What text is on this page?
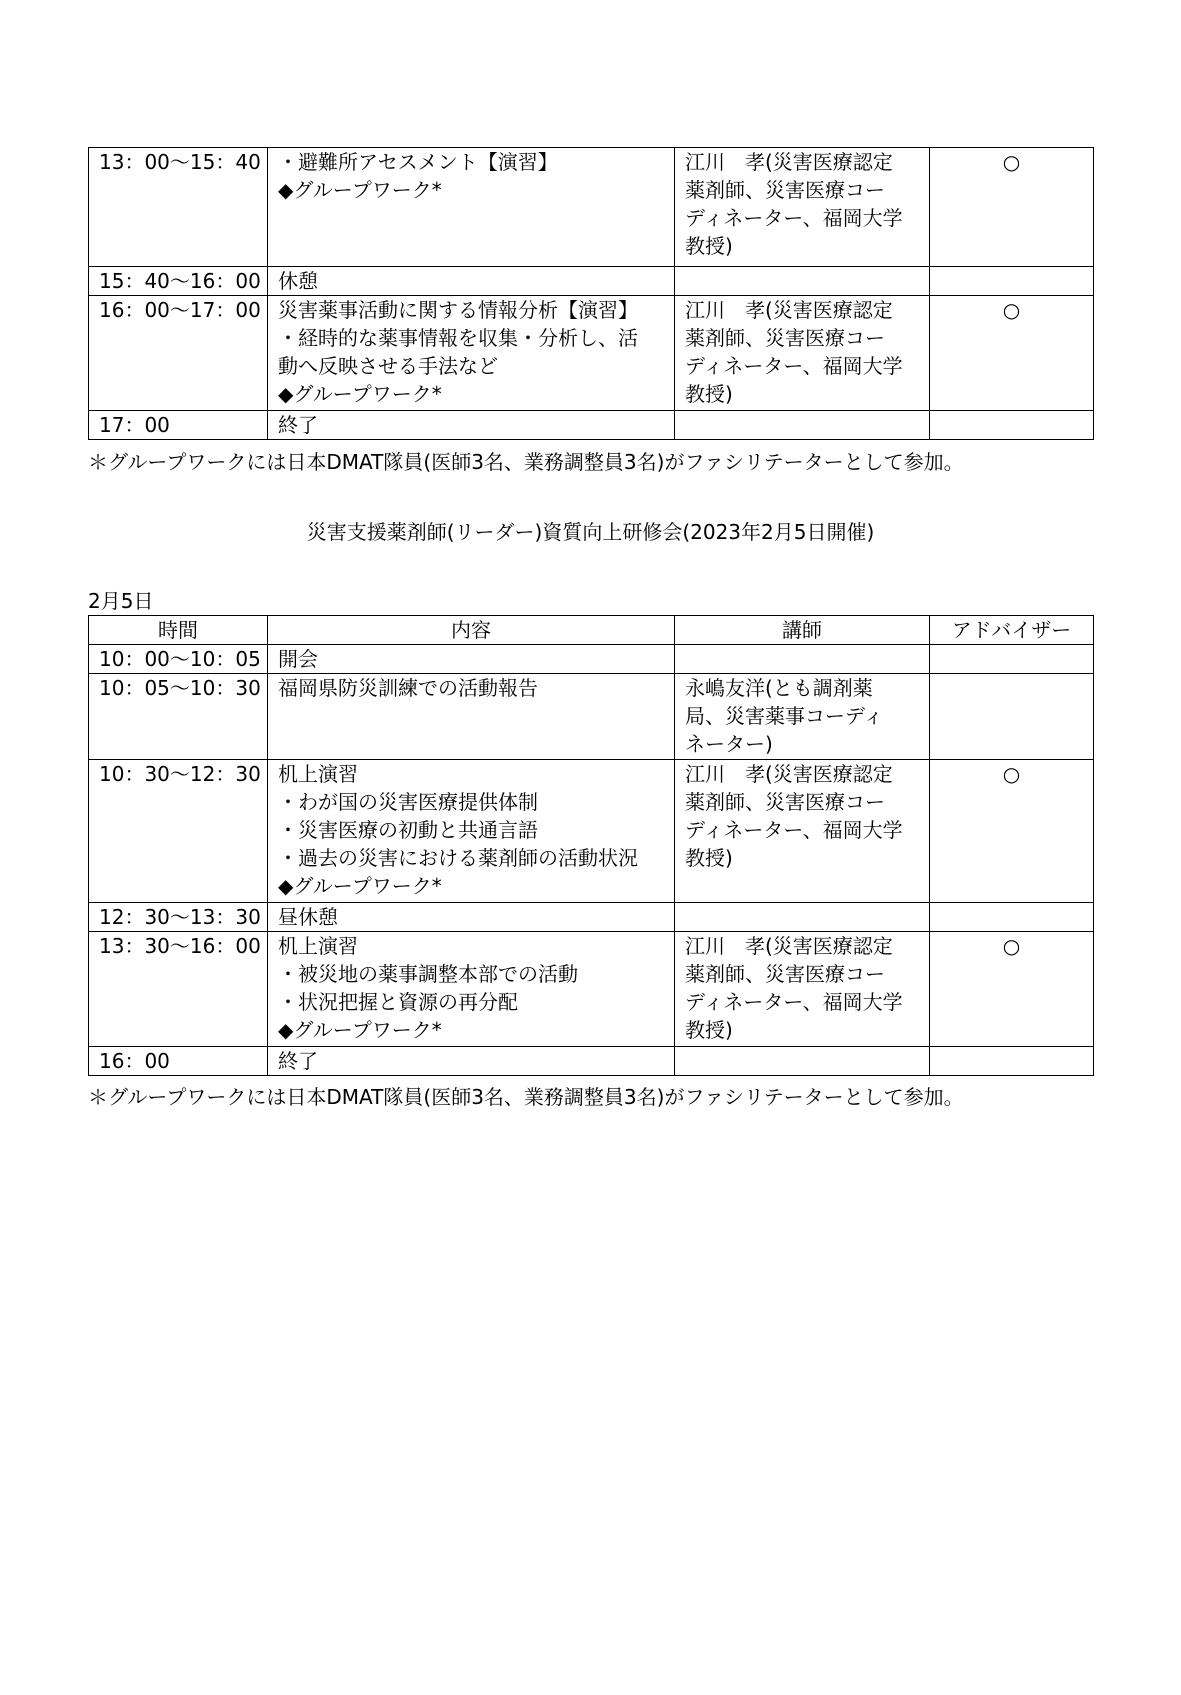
13：00～15：40	・避難所アセスメント【演習】
◆グループワーク*	江川　孝(災害医療認定
薬剤師、災害医療コー
ディネーター、福岡大学
教授)	○
15：40～16：00	休憩		

16：00～17：00	災害薬事活動に関する情報分析【演習】
・経時的な薬事情報を収集・分析し、活
動へ反映させる手法など
◆グループワーク*	江川　孝(災害医療認定
薬剤師、災害医療コー
ディネーター、福岡大学
教授)	○
17：00	終了		

＊グループワークには日本DMAT隊員(医師3名、業務調整員3名)がファシリテーターとして参加。
災害支援薬剤師(リーダー)資質向上研修会(2023年2月5日開催)
2月5日
時間	内容	講師	アドバイザー
10：00～10：05	開会		

10：05～10：30	福岡県防災訓練での活動報告	永嶋友洋(とも調剤薬
局、災害薬事コーディ
ネーター)	

10：30～12：30	机上演習
・わが国の災害医療提供体制
・災害医療の初動と共通言語
・過去の災害における薬剤師の活動状況
◆グループワーク*	江川　孝(災害医療認定
薬剤師、災害医療コー
ディネーター、福岡大学
教授)	○
12：30～13：30	昼休憩		

13：30～16：00	机上演習
・被災地の薬事調整本部での活動
・状況把握と資源の再分配
◆グループワーク*	江川　孝(災害医療認定
薬剤師、災害医療コー
ディネーター、福岡大学
教授)	○
16：00	終了		

＊グループワークには日本DMAT隊員(医師3名、業務調整員3名)がファシリテーターとして参加。
